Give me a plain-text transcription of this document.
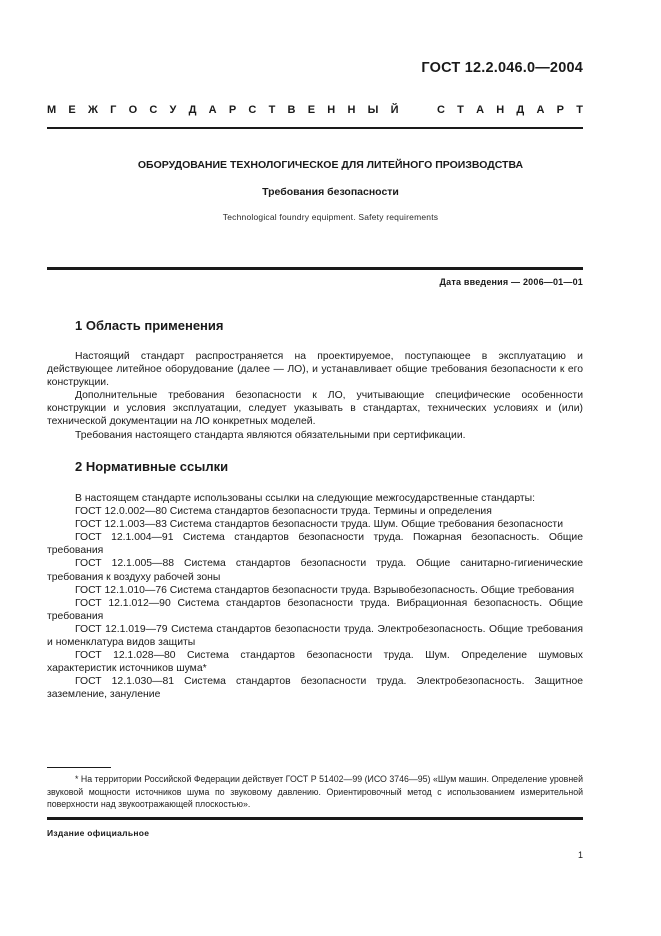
ГОСТ 12.2.046.0—2004
М Е Ж Г О С У Д А Р С Т В Е Н Н Ы Й	С Т А Н Д А Р Т
ОБОРУДОВАНИЕ ТЕХНОЛОГИЧЕСКОЕ ДЛЯ ЛИТЕЙНОГО ПРОИЗВОДСТВА
Требования безопасности
Technological foundry equipment. Safety requirements
Дата введения — 2006—01—01
1 Область применения

Настоящий стандарт распространяется на проектируемое, поступающее в эксплуатацию и действующее литейное оборудование (далее — ЛО), и устанавливает общие требования безопасности к его конструкции.

Дополнительные требования безопасности к ЛО, учитывающие специфические особенности конструкции и условия эксплуатации, следует указывать в стандартах, технических условиях и (или) технической документации на ЛО конкретных моделей.

Требования настоящего стандарта являются обязательными при сертификации.

2 Нормативные ссылки

В настоящем стандарте использованы ссылки на следующие межгосударственные стандарты:

ГОСТ 12.0.002—80 Система стандартов безопасности труда. Термины и определения

ГОСТ 12.1.003—83 Система стандартов безопасности труда. Шум. Общие требования безопасности

ГОСТ 12.1.004—91 Система стандартов безопасности труда. Пожарная безопасность. Общие требования

ГОСТ 12.1.005—88 Система стандартов безопасности труда. Общие санитарно-гигиенические требования к воздуху рабочей зоны

ГОСТ 12.1.010—76 Система стандартов безопасности труда. Взрывобезопасность. Общие требования

ГОСТ 12.1.012—90 Система стандартов безопасности труда. Вибрационная безопасность. Общие требования

ГОСТ 12.1.019—79 Система стандартов безопасности труда. Электробезопасность. Общие требования и номенклатура видов защиты

ГОСТ 12.1.028—80 Система стандартов безопасности труда. Шум. Определение шумовых характеристик источников шума*

ГОСТ 12.1.030—81 Система стандартов безопасности труда. Электробезопасность. Защитное заземление, зануление

* На территории Российской Федерации действует ГОСТ Р 51402—99 (ИСО 3746—95) «Шум машин. Определение уровней звуковой мощности источников шума по звуковому давлению. Ориентировочный метод с использованием измерительной поверхности над звукоотражающей плоскостью».

Издание официальное
1
